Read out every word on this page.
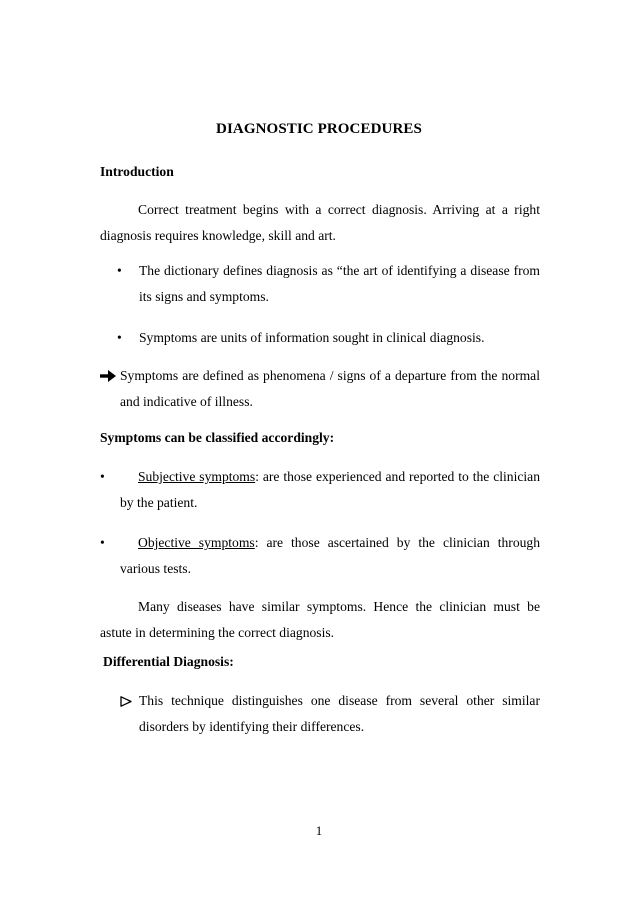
DIAGNOSTIC PROCEDURES
Introduction
Correct treatment begins with a correct diagnosis. Arriving at a right diagnosis requires knowledge, skill and art.
• The dictionary defines diagnosis as “the art of identifying a disease from its signs and symptoms.
• Symptoms are units of information sought in clinical diagnosis.
Symptoms are defined as phenomena / signs of a departure from the normal and indicative of illness.
Symptoms can be classified accordingly:
•	Subjective symptoms: are those experienced and reported to the clinician by the patient.
•	Objective symptoms: are those ascertained by the clinician through various tests.
Many diseases have similar symptoms. Hence the clinician must be astute in determining the correct diagnosis.
Differential Diagnosis:
This technique distinguishes one disease from several other similar disorders by identifying their differences.
1
